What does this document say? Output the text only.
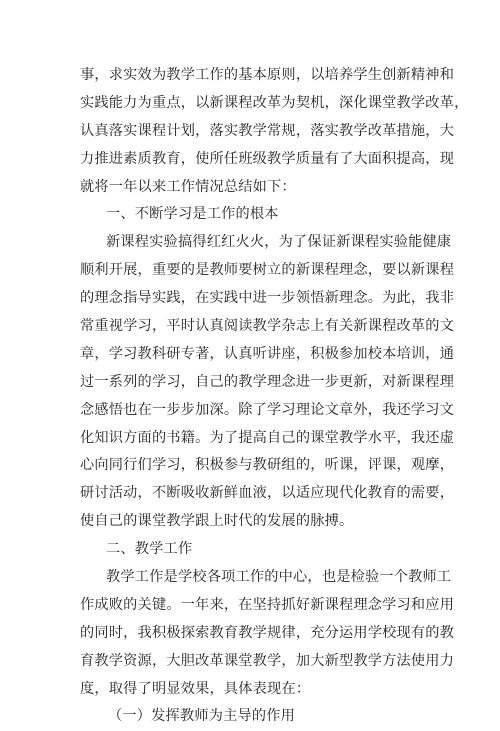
事，求实效为教学工作的基本原则，以培养学生创新精神和
实践能力为重点，以新课程改革为契机，深化课堂教学改革，
认真落实课程计划，落实教学常规，落实教学改革措施，大
力推进素质教育，使所任班级教学质量有了大面积提高，现
就将一年以来工作情况总结如下：
一、不断学习是工作的根本
新课程实验搞得红红火火，为了保证新课程实验能健康
顺利开展，重要的是教师要树立的新课程理念，要以新课程
的理念指导实践，在实践中进一步领悟新理念。为此，我非
常重视学习，平时认真阅读教学杂志上有关新课程改革的文
章，学习教科研专著，认真听讲座，积极参加校本培训，通
过一系列的学习，自己的教学理念进一步更新，对新课程理
念感悟也在一步步加深。除了学习理论文章外，我还学习文
化知识方面的书籍。为了提高自己的课堂教学水平，我还虚
心向同行们学习，积极参与教研组的，听课，评课，观摩，
研讨活动，不断吸收新鲜血液，以适应现代化教育的需要，
使自己的课堂教学跟上时代的发展的脉搏。
二、教学工作
教学工作是学校各项工作的中心，也是检验一个教师工
作成败的关键。一年来，在坚持抓好新课程理念学习和应用
的同时，我积极探索教育教学规律，充分运用学校现有的教
育教学资源，大胆改革课堂教学，加大新型教学方法使用力
度，取得了明显效果，具体表现在：
（一）发挥教师为主导的作用
